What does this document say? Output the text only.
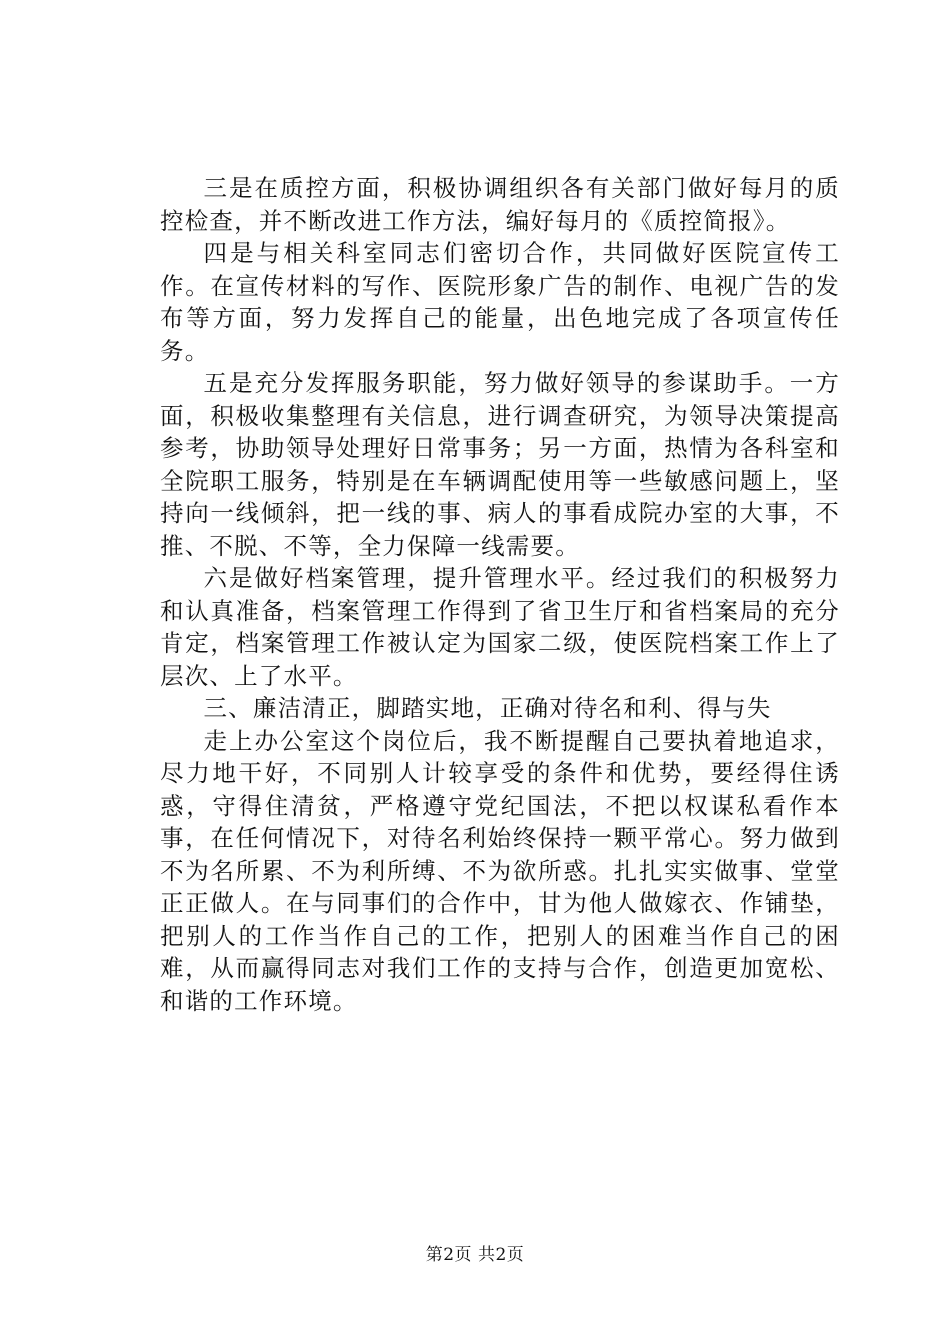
三是在质控方面，积极协调组织各有关部门做好每月的质控检查，并不断改进工作方法，编好每月的《质控简报》。

四是与相关科室同志们密切合作，共同做好医院宣传工作。在宣传材料的写作、医院形象广告的制作、电视广告的发布等方面，努力发挥自己的能量，出色地完成了各项宣传任务。

五是充分发挥服务职能，努力做好领导的参谋助手。一方面，积极收集整理有关信息，进行调查研究，为领导决策提高参考，协助领导处理好日常事务；另一方面，热情为各科室和全院职工服务，特别是在车辆调配使用等一些敏感问题上，坚持向一线倾斜，把一线的事、病人的事看成院办室的大事，不推、不脱、不等，全力保障一线需要。

六是做好档案管理，提升管理水平。经过我们的积极努力和认真准备，档案管理工作得到了省卫生厅和省档案局的充分肯定，档案管理工作被认定为国家二级，使医院档案工作上了层次、上了水平。

三、廉洁清正，脚踏实地，正确对待名和利、得与失

走上办公室这个岗位后，我不断提醒自己要执着地追求，尽力地干好，不同别人计较享受的条件和优势，要经得住诱惑，守得住清贫，严格遵守党纪国法，不把以权谋私看作本事，在任何情况下，对待名利始终保持一颗平常心。努力做到不为名所累、不为利所缚、不为欲所惑。扎扎实实做事、堂堂正正做人。在与同事们的合作中，甘为他人做嫁衣、作铺垫，把别人的工作当作自己的工作，把别人的困难当作自己的困难，从而赢得同志对我们工作的支持与合作，创造更加宽松、和谐的工作环境。

第2页 共2页
